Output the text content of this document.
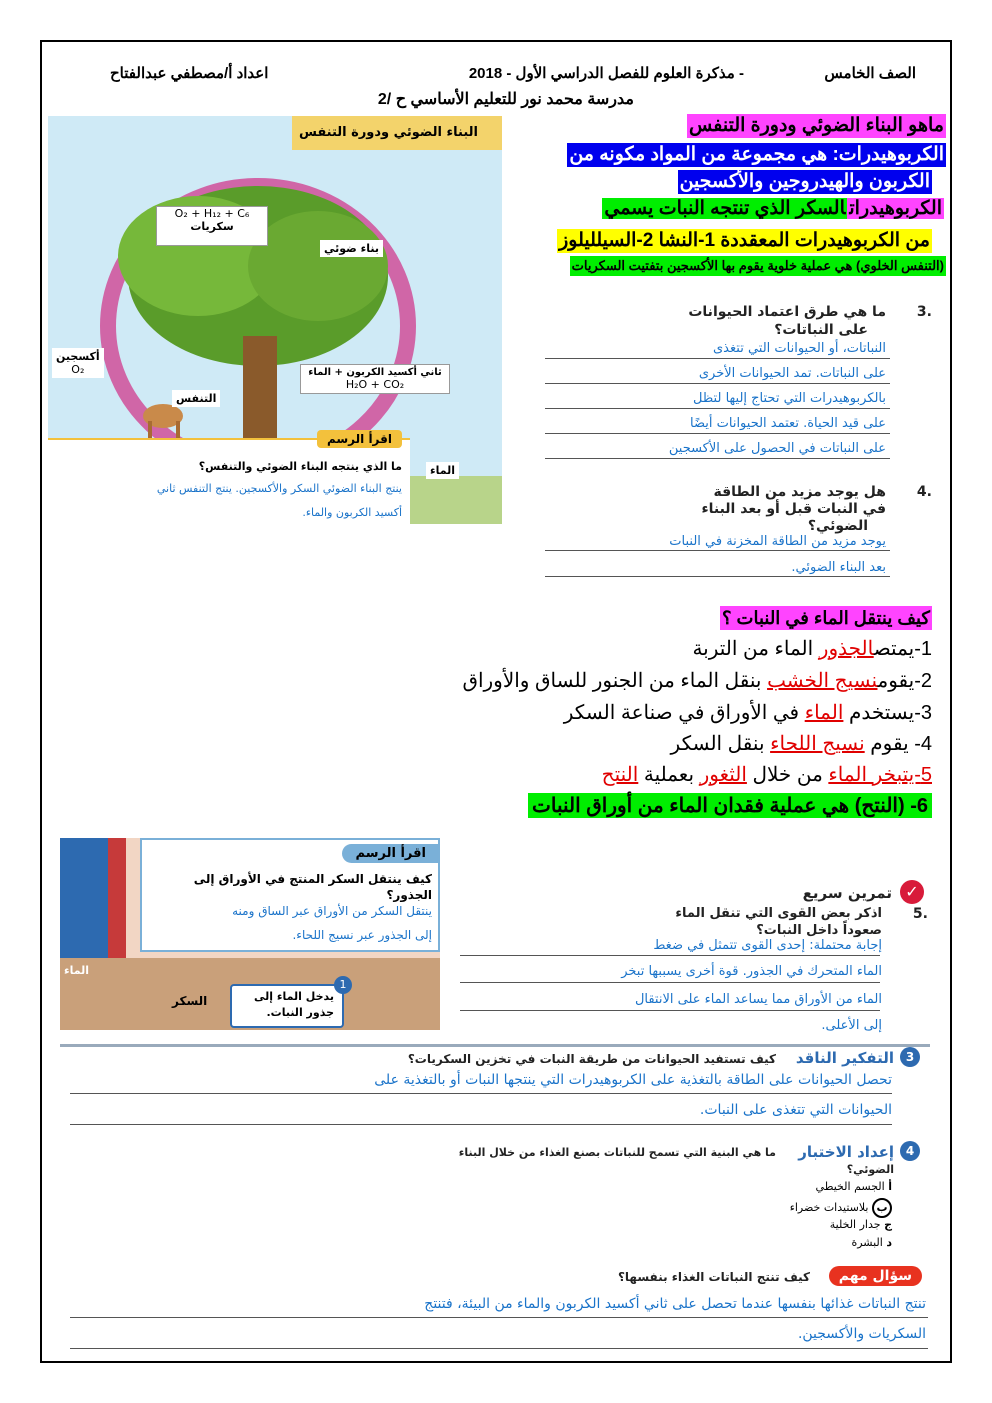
الصف الخامس
- مذكرة العلوم للفصل الدراسي الأول - 2018
اعداد أ/مصطفي عبدالفتاح
مدرسة محمد نور للتعليم الأساسي ح /2
البناء الضوئي ودورة التنفس
O₂ + H₁₂ + C₆
سكريات
بناء ضوئي
أكسجين
O₂	ثاني أكسيد الكربون + الماء
H₂O + CO₂
التنفس
الماء
اقرأ الرسم
ما الذي ينتجه البناء الضوئي والتنفس؟
ينتج البناء الضوئي السكر والأكسجين. ينتج التنفس ثاني
أكسيد الكربون والماء.
ماهو البناء الضوئي ودورة التنفس
الكربوهيدرات: هي مجموعة من المواد مكونه من
الكربون والهيدروجين والأكسجين
الكربوهيدراتالسكر الذي تنتجه النبات يسمي
من الكربوهيدرات المعقددة 1-النشا 2-السيلليلوز
(التنفس الخلوي) هي عملية خلوية يقوم بها الأكسجين بتفتيت السكريات
.3
ما هي طرق اعتماد الحيوانات
على النباتات؟
النباتات، أو الحيوانات التي تتغذى
على النباتات. تمد الحيوانات الأخرى
بالكربوهيدرات التي تحتاج إليها لتظل
على قيد الحياة. تعتمد الحيوانات أيضًا
على النباتات في الحصول على الأكسجين
.4
هل يوجد مزيد من الطاقة
في النبات قبل أو بعد البناء
الضوئي؟
يوجد مزيد من الطاقة المخزنة في النبات
بعد البناء الضوئي.
كيف ينتقل الماء في النبات ؟
1-يمتصالجذور الماء من التربة
2-يقومنسيج الخشب بنقل الماء من الجنور للساق والأوراق
3-يستخدم الماء في الأوراق في صناعة السكر
4- يقوم نسيج اللحاء بنقل السكر
5-يتبخر الماء من خلال الثغور بعملية النتح
6- (النتح) هي عملية فقدان الماء من أوراق النبات
اقرأ الرسم
كيف ينتقل السكر المنتج في الأوراق إلى
الجذور؟
ينتقل السكر من الأوراق عبر الساق ومنه
إلى الجذور عبر نسيج اللحاء.
الماء
السكر
1
يدخل الماء إلى
جذور النبات.
✓
تمرين سريع
.5
اذكر بعض القوى التي تنقل الماء
صعوداً داخل النبات؟
إجابة محتملة: إحدى القوى تتمثل في ضغط
الماء المتحرك في الجذور. قوة أخرى يسببها تبخر
الماء من الأوراق مما يساعد الماء على الانتقال
إلى الأعلى.
3
التفكير الناقد
كيف تستفيد الحيوانات من طريقة النبات في تخزين السكريات؟
تحصل الحيوانات على الطاقة بالتغذية على الكربوهيدرات التي ينتجها النبات أو بالتغذية على
الحيوانات التي تتغذى على النبات.
4
إعداد الاختبار
ما هي البنية التي تسمح للنباتات بصنع الغذاء من خلال البناء
الضوئي؟
أ الجسم الخيطي
ب بلاستيدات خضراء
ج جدار الخلية
د البشرة
سؤال مهم
كيف تنتج النباتات الغذاء بنفسها؟
تنتج النباتات غذائها بنفسها عندما تحصل على ثاني أكسيد الكربون والماء من البيئة، فتنتج
السكريات والأكسجين.
